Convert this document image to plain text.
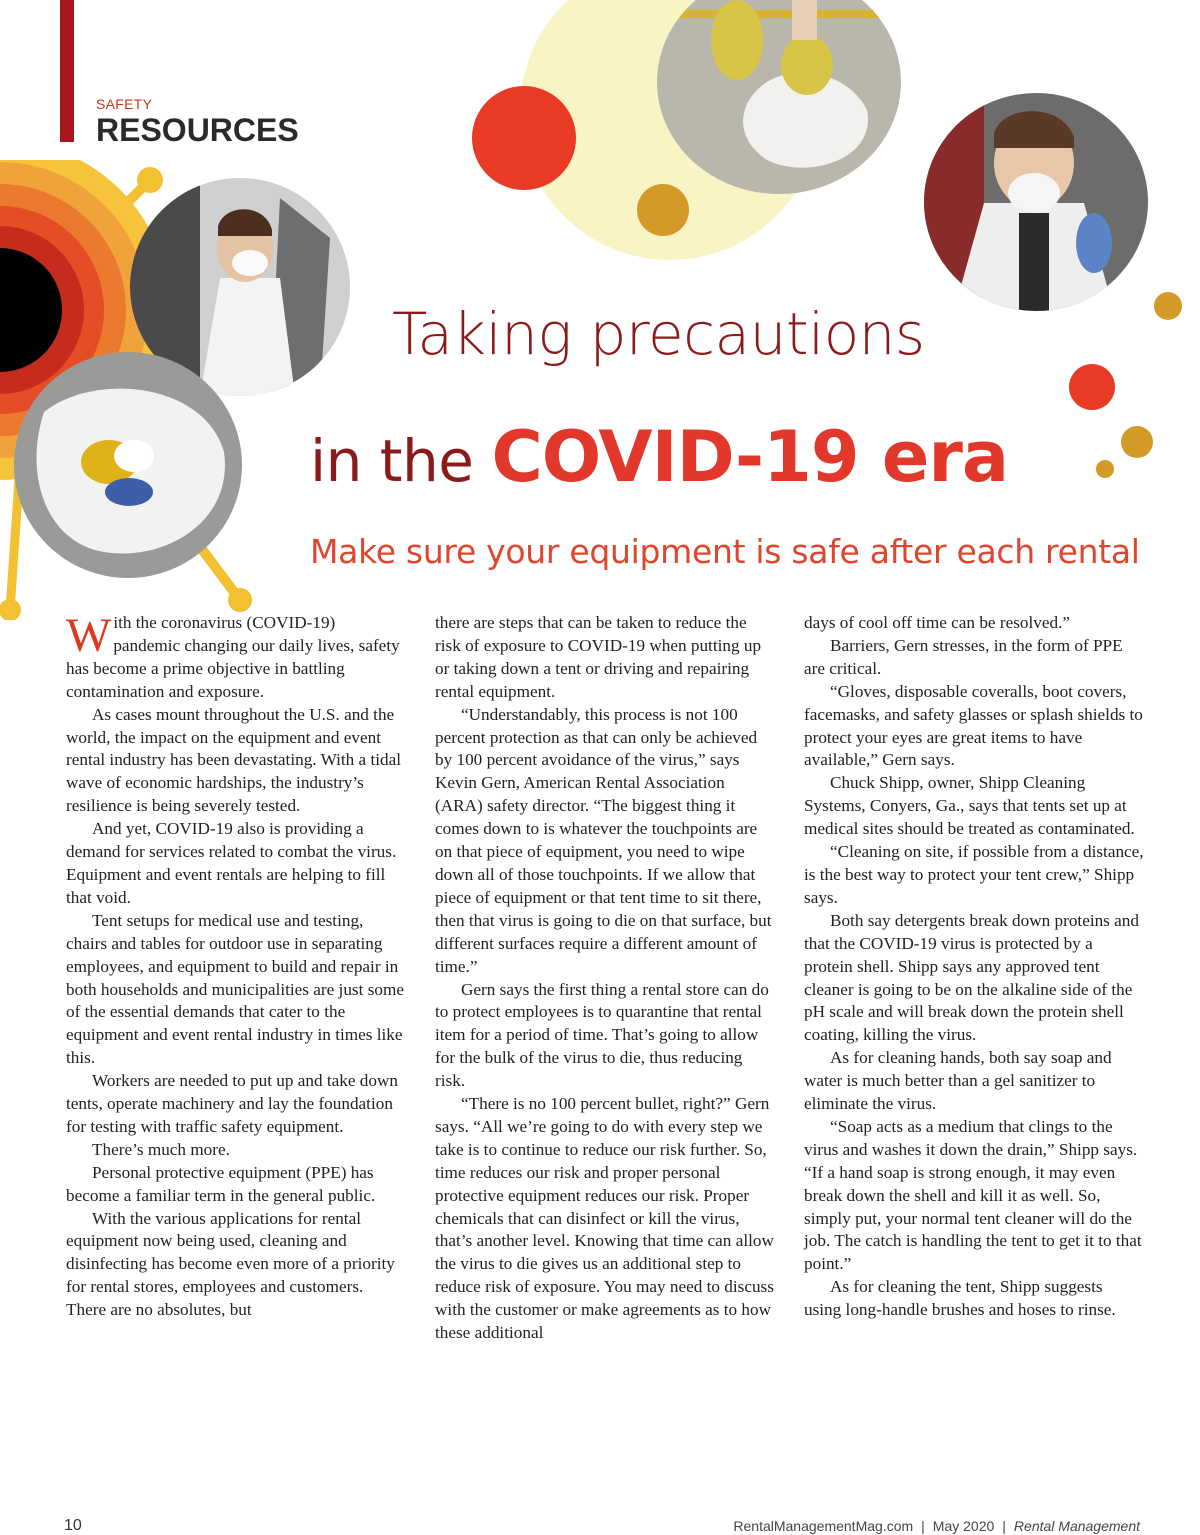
SAFETY
RESOURCES
Taking precautions
in the COVID-19 era
Make sure your equipment is safe after each rental

With the coronavirus (COVID-19) pandemic changing our daily lives, safety has become a prime objective in battling contamination and exposure.

As cases mount throughout the U.S. and the world, the impact on the equipment and event rental industry has been devastating. With a tidal wave of economic hardships, the industry’s resilience is being severely tested.

And yet, COVID-19 also is providing a demand for services related to combat the virus. Equipment and event rentals are helping to fill that void.

Tent setups for medical use and testing, chairs and tables for outdoor use in separating employees, and equipment to build and repair in both households and municipalities are just some of the essential demands that cater to the equipment and event rental industry in times like this.

Workers are needed to put up and take down tents, operate machinery and lay the foundation for testing with traffic safety equipment.

There’s much more.

Personal protective equipment (PPE) has become a familiar term in the general public.

With the various applications for rental equipment now being used, cleaning and disinfecting has become even more of a priority for rental stores, employees and customers. There are no absolutes, but

there are steps that can be taken to reduce the risk of exposure to COVID-19 when putting up or taking down a tent or driving and repairing rental equipment.

“Understandably, this process is not 100 percent protection as that can only be achieved by 100 percent avoidance of the virus,” says Kevin Gern, American Rental Association (ARA) safety director. “The biggest thing it comes down to is whatever the touchpoints are on that piece of equipment, you need to wipe down all of those touchpoints. If we allow that piece of equipment or that tent time to sit there, then that virus is going to die on that surface, but different surfaces require a different amount of time.”

Gern says the first thing a rental store can do to protect employees is to quarantine that rental item for a period of time. That’s going to allow for the bulk of the virus to die, thus reducing risk.

“There is no 100 percent bullet, right?” Gern says. “All we’re going to do with every step we take is to continue to reduce our risk further. So, time reduces our risk and proper personal protective equipment reduces our risk. Proper chemicals that can disinfect or kill the virus, that’s another level. Knowing that time can allow the virus to die gives us an additional step to reduce risk of exposure. You may need to discuss with the customer or make agreements as to how these additional

days of cool off time can be resolved.”

Barriers, Gern stresses, in the form of PPE are critical.

“Gloves, disposable coveralls, boot covers, facemasks, and safety glasses or splash shields to protect your eyes are great items to have available,” Gern says.

Chuck Shipp, owner, Shipp Cleaning Systems, Conyers, Ga., says that tents set up at medical sites should be treated as contaminated.

“Cleaning on site, if possible from a distance, is the best way to protect your tent crew,” Shipp says.

Both say detergents break down proteins and that the COVID-19 virus is protected by a protein shell. Shipp says any approved tent cleaner is going to be on the alkaline side of the pH scale and will break down the protein shell coating, killing the virus.

As for cleaning hands, both say soap and water is much better than a gel sanitizer to eliminate the virus.

“Soap acts as a medium that clings to the virus and washes it down the drain,” Shipp says. “If a hand soap is strong enough, it may even break down the shell and kill it as well. So, simply put, your normal tent cleaner will do the job. The catch is handling the tent to get it to that point.”

As for cleaning the tent, Shipp suggests using long-handle brushes and hoses to rinse.

10	RentalManagementMag.com | May 2020 | Rental Management
